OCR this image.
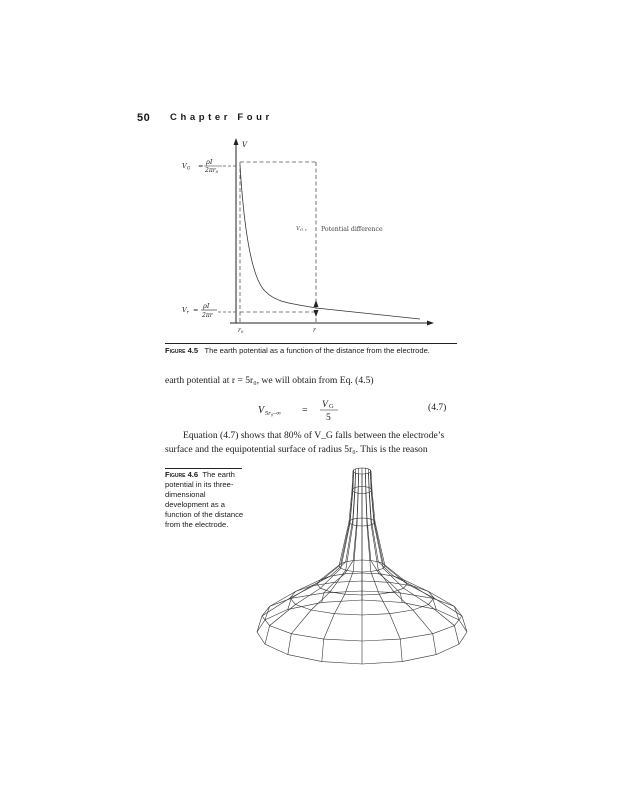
50 Chapter Four
V
$V_G = \rho I$
2πr0
$V_r = \rho I$
2πr
r0	r
VG r Potential difference
Figure 4.5 The earth potential as a function of the distance from the electrode.
earth potential at r = 5r₀, we will obtain from Eq. (4.5)
V 5r₀–∞ = V G
5
(4.7)
Equation (4.7) shows that 80% of V_G falls between the electrode’s surface and the equipotential surface of radius 5r₀. This is the reason
Figure 4.6 The earth potential in its three-dimensional development as a function of the distance from the electrode.
